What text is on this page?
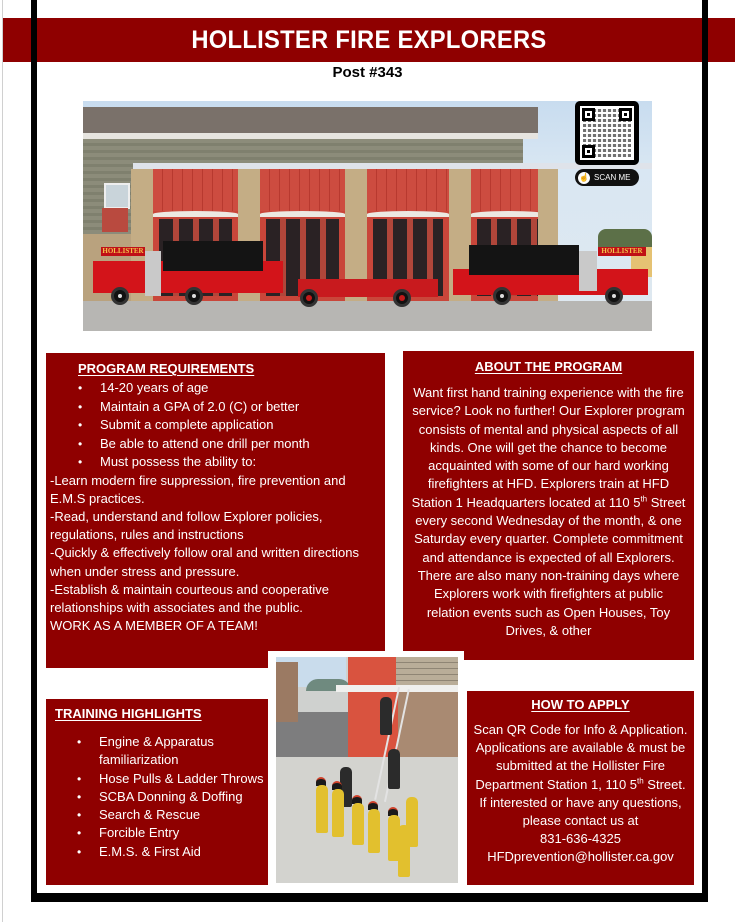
HOLLISTER FIRE EXPLORERS
Post #343
HOLLISTER	HOLLISTER
☝ SCAN ME
PROGRAM REQUIREMENTS
• 14-20 years of age
• Maintain a GPA of 2.0 (C) or better
• Submit a complete application
• Be able to attend one drill per month
• Must possess the ability to:
-Learn modern fire suppression, fire prevention and E.M.S practices.
-Read, understand and follow Explorer policies, regulations, rules and instructions
-Quickly & effectively follow oral and written directions when under stress and pressure.
-Establish & maintain courteous and cooperative relationships with associates and the public.
WORK AS A MEMBER OF A TEAM!
ABOUT THE PROGRAM
Want first hand training experience with the fire service? Look no further! Our Explorer program consists of mental and physical aspects of all kinds. One will get the chance to become acquainted with some of our hard working firefighters at HFD. Explorers train at HFD Station 1 Headquarters located at 110 5th Street every second Wednesday of the month, & one Saturday every quarter. Complete commitment and attendance is expected of all Explorers. There are also many non-training days where Explorers work with firefighters at public relation events such as Open Houses, Toy Drives, & other
TRAINING HIGHLIGHTS
• Engine & Apparatus familiarization
• Hose Pulls & Ladder Throws
• SCBA Donning & Doffing
• Search & Rescue
• Forcible Entry
• E.M.S. & First Aid
HOW TO APPLY
Scan QR Code for Info & Application. Applications are available & must be submitted at the Hollister Fire Department Station 1, 110 5th Street. If interested or have any questions, please contact us at
831-636-4325
HFDprevention@hollister.ca.gov
